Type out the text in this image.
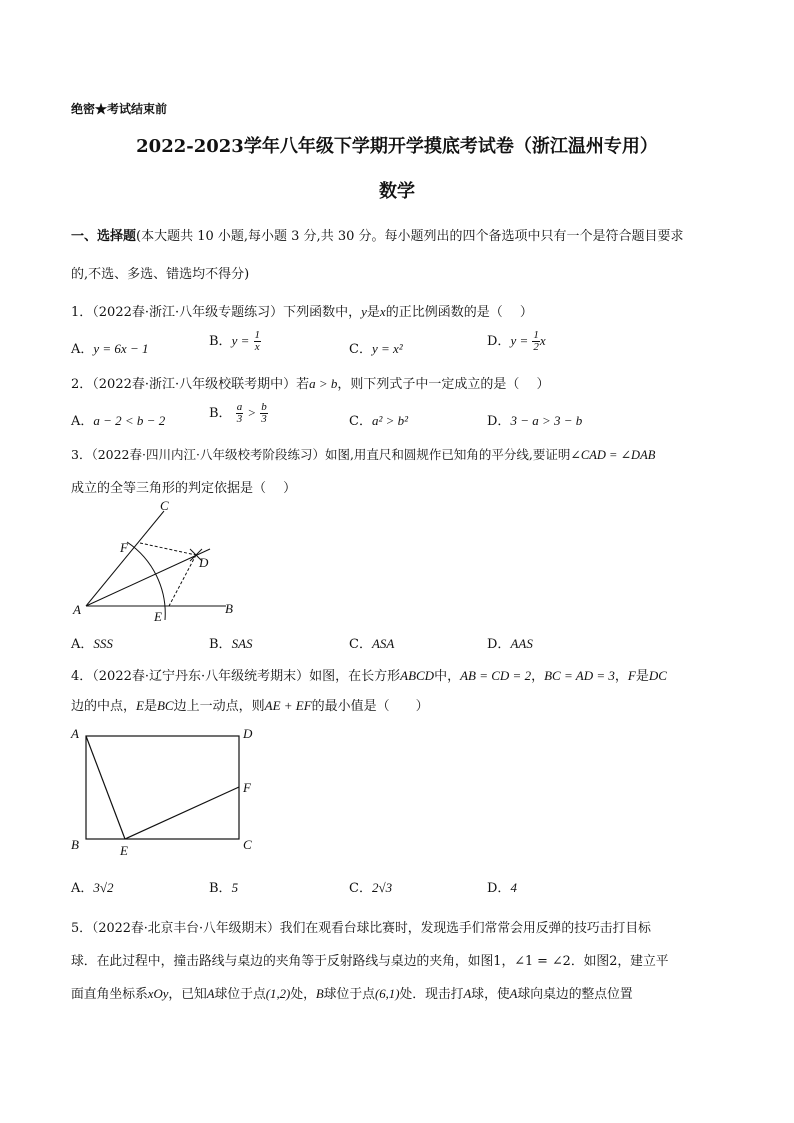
绝密★考试结束前
2022-2023学年八年级下学期开学摸底考试卷（浙江温州专用）
数学
一、选择题(本大题共 10 小题,每小题 3 分,共 30 分。每小题列出的四个备选项中只有一个是符合题目要求
的,不选、多选、错选均不得分)
1．（2022春·浙江·八年级专题练习）下列函数中，y是x的正比例函数的是（　 ）
A．y = 6x − 1	B．$y = \frac{1}{x}$	C．y = x²	D．$y = \frac{1}{2}$ x
2．（2022春·浙江·八年级校联考期中）若a > b，则下列式子中一定成立的是（　 ）
A．a − 2 < b − 2	B． $\frac{a}{3} > \frac{b}{3}$	C．a² > b²	D．3 − a > 3 − b
3．（2022春·四川内江·八年级校考阶段练习）如图,用直尺和圆规作已知角的平分线,要证明∠CAD = ∠DAB
成立的全等三角形的判定依据是（　 ）
C
F
D
A	E
B
A．SSS	B．SAS	C．ASA	D．AAS
4．（2022春·辽宁丹东·八年级统考期末）如图，在长方形ABCD中，AB = CD = 2，BC = AD = 3，F是DC
边的中点，E是BC边上一动点，则AE + EF的最小值是（　　）
A	D
F
B	E	C
A．3√2	B．5	C．2√3	D．4
5．（2022春·北京丰台·八年级期末）我们在观看台球比赛时，发现选手们常常会用反弹的技巧击打目标
球．在此过程中，撞击路线与桌边的夹角等于反射路线与桌边的夹角，如图1，∠1 = ∠2．如图2，建立平
面直角坐标系xOy，已知A球位于点(1,2)处，B球位于点(6,1)处．现击打A球，使A球向桌边的整点位置
